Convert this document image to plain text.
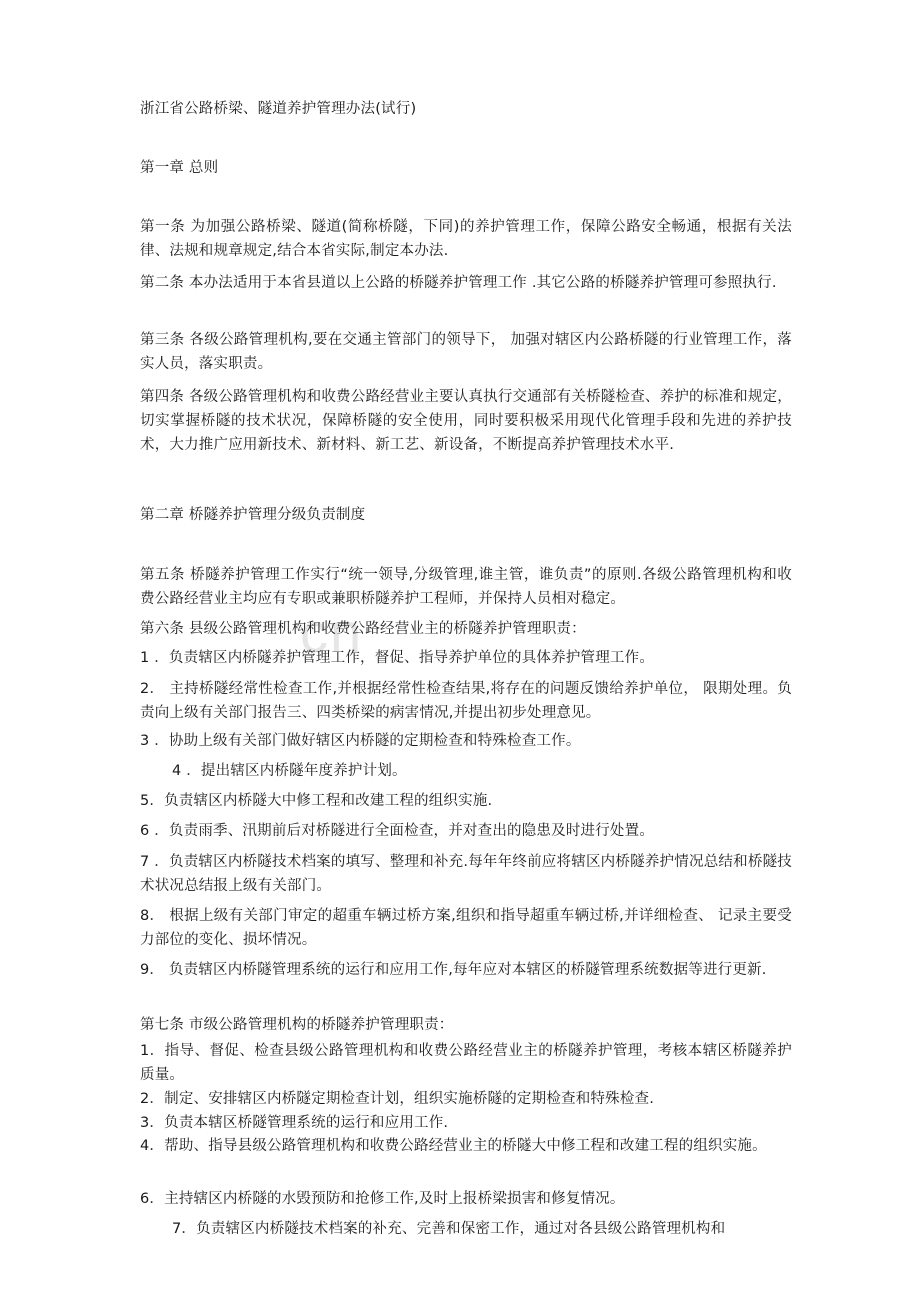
cn
浙江省公路桥梁、隧道养护管理办法(试行)
第一章 总则
第一条 为加强公路桥梁、隧道(简称桥隧，下同)的养护管理工作，保障公路安全畅通，根据有关法律、法规和规章规定,结合本省实际,制定本办法.
第二条 本办法适用于本省县道以上公路的桥隧养护管理工作 .其它公路的桥隧养护管理可参照执行.
第三条 各级公路管理机构,要在交通主管部门的领导下， 加强对辖区内公路桥隧的行业管理工作，落实人员，落实职责。
第四条 各级公路管理机构和收费公路经营业主要认真执行交通部有关桥隧检查、养护的标准和规定，切实掌握桥隧的技术状况，保障桥隧的安全使用，同时要积极采用现代化管理手段和先进的养护技术，大力推广应用新技术、新材料、新工艺、新设备，不断提高养护管理技术水平.
第二章 桥隧养护管理分级负责制度
第五条 桥隧养护管理工作实行“统一领导,分级管理,谁主管，谁负责”的原则.各级公路管理机构和收费公路经营业主均应有专职或兼职桥隧养护工程师，并保持人员相对稳定。
第六条 县级公路管理机构和收费公路经营业主的桥隧养护管理职责：
1 ．负责辖区内桥隧养护管理工作，督促、指导养护单位的具体养护管理工作。
2． 主持桥隧经常性检查工作,并根据经常性检查结果,将存在的问题反馈给养护单位， 限期处理。负责向上级有关部门报告三、四类桥梁的病害情况,并提出初步处理意见。
3 ．协助上级有关部门做好辖区内桥隧的定期检查和特殊检查工作。
4 ．提出辖区内桥隧年度养护计划。
5．负责辖区内桥隧大中修工程和改建工程的组织实施.
6 ．负责雨季、汛期前后对桥隧进行全面检查，并对查出的隐患及时进行处置。
7 ．负责辖区内桥隧技术档案的填写、整理和补充.每年年终前应将辖区内桥隧养护情况总结和桥隧技术状况总结报上级有关部门。
8． 根据上级有关部门审定的超重车辆过桥方案,组织和指导超重车辆过桥,并详细检查、 记录主要受力部位的变化、损坏情况。
9． 负责辖区内桥隧管理系统的运行和应用工作,每年应对本辖区的桥隧管理系统数据等进行更新.
第七条 市级公路管理机构的桥隧养护管理职责：
1．指导、督促、检查县级公路管理机构和收费公路经营业主的桥隧养护管理，考核本辖区桥隧养护质量。
2．制定、安排辖区内桥隧定期检查计划，组织实施桥隧的定期检查和特殊检查.
3．负责本辖区桥隧管理系统的运行和应用工作.
4．帮助、指导县级公路管理机构和收费公路经营业主的桥隧大中修工程和改建工程的组织实施。
6．主持辖区内桥隧的水毁预防和抢修工作,及时上报桥梁损害和修复情况。
7．负责辖区内桥隧技术档案的补充、完善和保密工作，通过对各县级公路管理机构和
